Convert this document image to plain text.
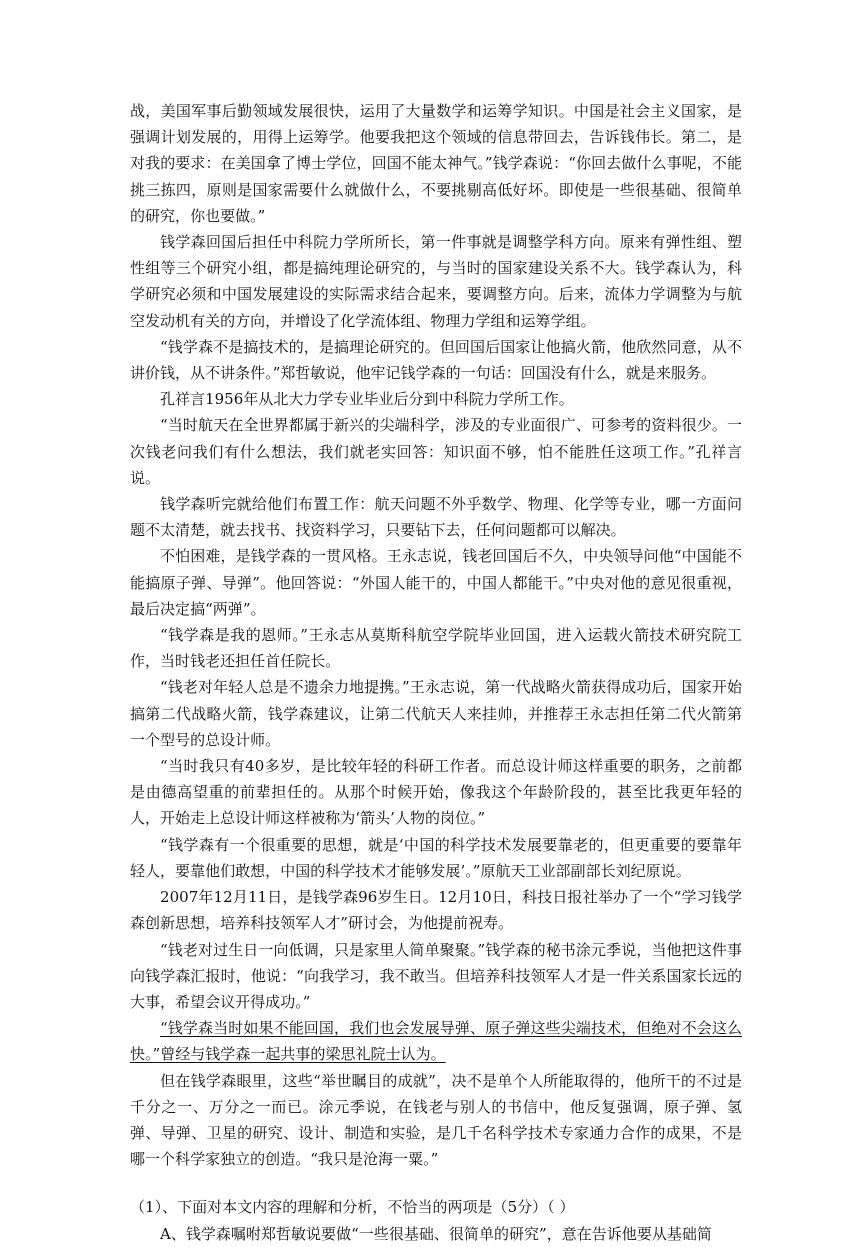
战，美国军事后勤领域发展很快，运用了大量数学和运筹学知识。中国是社会主义国家，是强调计划发展的，用得上运筹学。他要我把这个领域的信息带回去，告诉钱伟长。第二，是对我的要求：在美国拿了博士学位，回国不能太神气。”钱学森说：“你回去做什么事呢，不能挑三拣四，原则是国家需要什么就做什么，不要挑剔高低好坏。即使是一些很基础、很简单的研究，你也要做。”

钱学森回国后担任中科院力学所所长，第一件事就是调整学科方向。原来有弹性组、塑性组等三个研究小组，都是搞纯理论研究的，与当时的国家建设关系不大。钱学森认为，科学研究必须和中国发展建设的实际需求结合起来，要调整方向。后来，流体力学调整为与航空发动机有关的方向，并增设了化学流体组、物理力学组和运筹学组。

“钱学森不是搞技术的，是搞理论研究的。但回国后国家让他搞火箭，他欣然同意，从不讲价钱，从不讲条件。”郑哲敏说，他牢记钱学森的一句话：回国没有什么，就是来服务。

孔祥言1956年从北大力学专业毕业后分到中科院力学所工作。

“当时航天在全世界都属于新兴的尖端科学，涉及的专业面很广、可参考的资料很少。一次钱老问我们有什么想法，我们就老实回答：知识面不够，怕不能胜任这项工作。”孔祥言说。

钱学森听完就给他们布置工作：航天问题不外乎数学、物理、化学等专业，哪一方面问题不太清楚，就去找书、找资料学习，只要钻下去，任何问题都可以解决。

不怕困难，是钱学森的一贯风格。王永志说，钱老回国后不久，中央领导问他“中国能不能搞原子弹、导弹”。他回答说：“外国人能干的，中国人都能干。”中央对他的意见很重视，最后决定搞“两弹”。

“钱学森是我的恩师。”王永志从莫斯科航空学院毕业回国，进入运载火箭技术研究院工作，当时钱老还担任首任院长。

“钱老对年轻人总是不遗余力地提携。”王永志说，第一代战略火箭获得成功后，国家开始搞第二代战略火箭，钱学森建议，让第二代航天人来挂帅，并推荐王永志担任第二代火箭第一个型号的总设计师。

“当时我只有40多岁，是比较年轻的科研工作者。而总设计师这样重要的职务，之前都是由德高望重的前辈担任的。从那个时候开始，像我这个年龄阶段的，甚至比我更年轻的人，开始走上总设计师这样被称为‘箭头’人物的岗位。”

“钱学森有一个很重要的思想，就是‘中国的科学技术发展要靠老的，但更重要的要靠年轻人，要靠他们敢想，中国的科学技术才能够发展’。”原航天工业部副部长刘纪原说。

2007年12月11日，是钱学森96岁生日。12月10日，科技日报社举办了一个“学习钱学森创新思想，培养科技领军人才”研讨会，为他提前祝寿。

“钱老对过生日一向低调，只是家里人简单聚聚。”钱学森的秘书涂元季说，当他把这件事向钱学森汇报时，他说：“向我学习，我不敢当。但培养科技领军人才是一件关系国家长远的大事，希望会议开得成功。”

“钱学森当时如果不能回国，我们也会发展导弹、原子弹这些尖端技术，但绝对不会这么快。”曾经与钱学森一起共事的梁思礼院士认为。

但在钱学森眼里，这些“举世瞩目的成就”，决不是单个人所能取得的，他所干的不过是千分之一、万分之一而已。涂元季说，在钱老与别人的书信中，他反复强调，原子弹、氢弹、导弹、卫星的研究、设计、制造和实验，是几千名科学技术专家通力合作的成果，不是哪一个科学家独立的创造。“我只是沧海一粟。”

（1）、下面对本文内容的理解和分析，不恰当的两项是（5分）（ ）

A、钱学森嘱咐郑哲敏说要做“一些很基础、很简单的研究”，意在告诉他要从基础简
